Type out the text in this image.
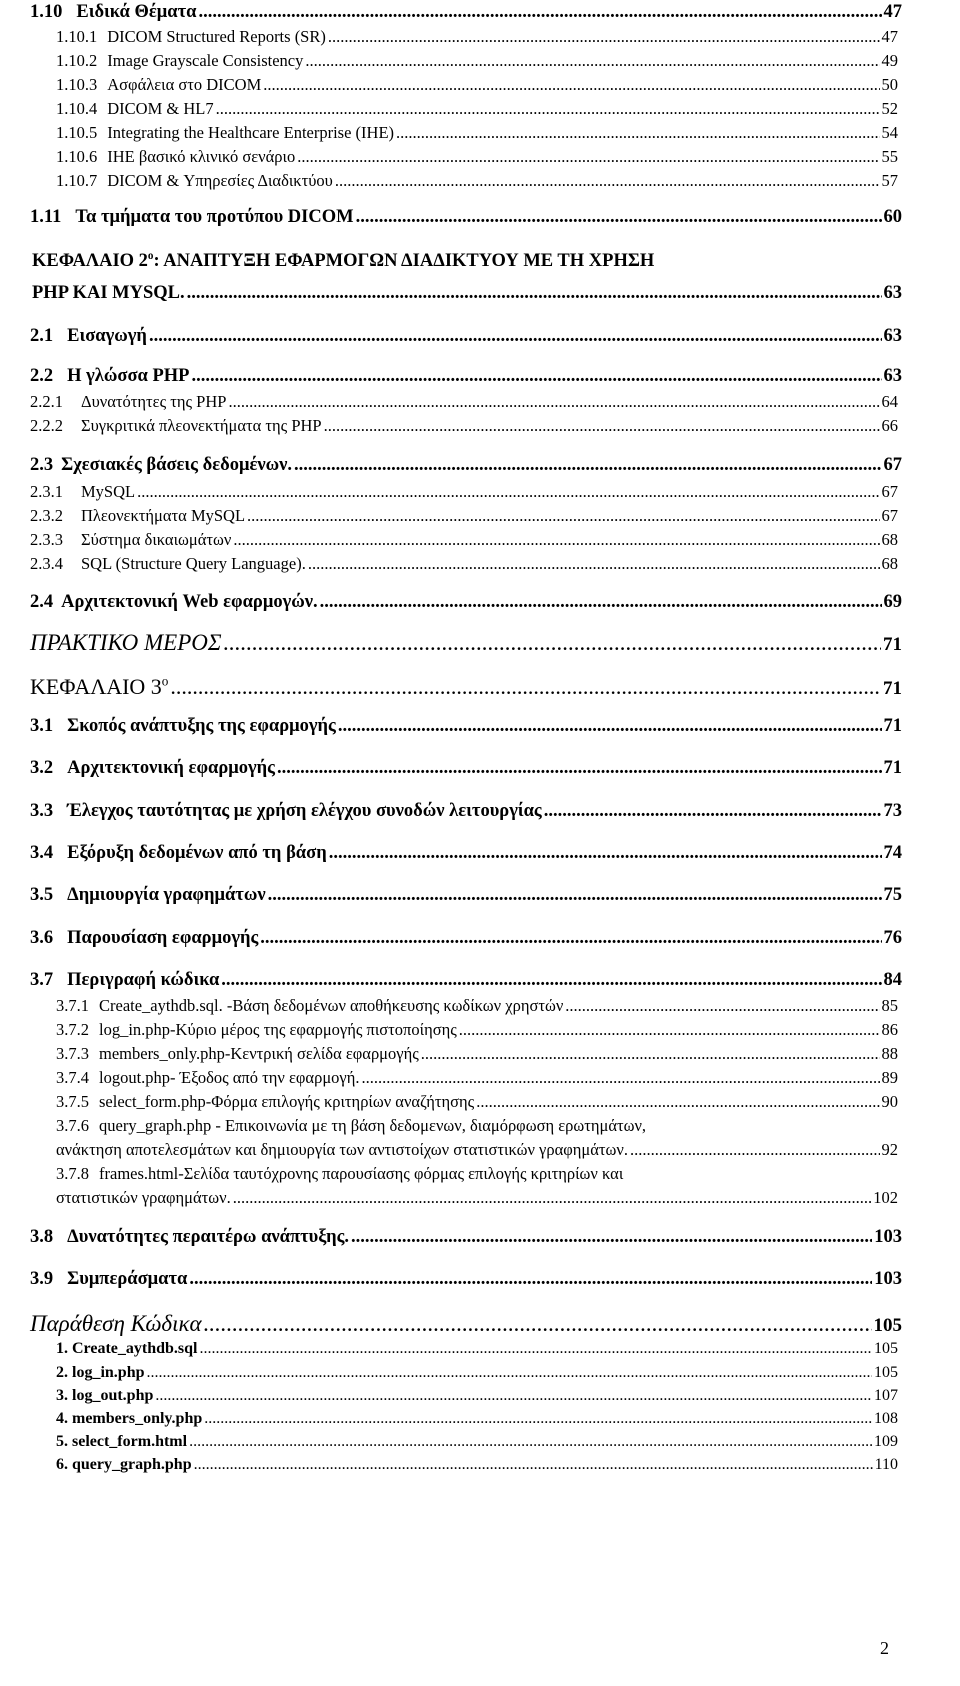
1.10 Ειδικά Θέματα .....	47
1.10.1 DICOM Structured Reports (SR) .....	47
1.10.2 Image Grayscale Consistency .....	49
1.10.3 Ασφάλεια στο DICOM .....	50
1.10.4 DICOM & HL7 .....	52
1.10.5 Integrating the Healthcare Enterprise (IHE) .....	54
1.10.6 IHE βασικό κλινικό σενάριο .....	55
1.10.7 DICOM & Υπηρεσίες Διαδικτύου .....	57
1.11 Τα τμήματα του προτύπου DICOM .....	60
ΚΕΦΑΛΑΙΟ $2^o$: ΑΝΑΠΤΥΞΗ ΕΦΑΡΜΟΓΩΝ ΔΙΑΔΙΚΤΥΟΥ ΜΕ ΤΗ ΧΡΗΣΗ
PHP KAI MYSQL. .....	63
2.1 Εισαγωγή .....	63
2.2 Η γλώσσα PHP .....	63
2.2.1 Δυνατότητες της PHP .....	64
2.2.2 Συγκριτικά πλεονεκτήματα της PHP .....	66
2.3 Σχεσιακές βάσεις δεδομένων. .....	67
2.3.1 MySQL .....	67
2.3.2 Πλεονεκτήματα MySQL .....	67
2.3.3 Σύστημα δικαιωμάτων .....	68
2.3.4 SQL (Structure Query Language). .....	68
2.4 Αρχιτεκτονική Web εφαρμογών. .....	69
ΠΡΑΚΤΙΚΟ ΜΕΡΟΣ .....	71
ΚΕΦΑΛΑΙΟ $3^o$ .....	71
3.1 Σκοπός ανάπτυξης της εφαρμογής .....	71
3.2 Αρχιτεκτονική εφαρμογής .....	71
3.3 Έλεγχος ταυτότητας με χρήση ελέγχου συνοδών λειτουργίας .....	73
3.4 Εξόρυξη δεδομένων από τη βάση .....	74
3.5 Δημιουργία γραφημάτων .....	75
3.6 Παρουσίαση εφαρμογής .....	76
3.7 Περιγραφή κώδικα .....	84
3.7.1 Create_aythdb.sql. -Βάση δεδομένων αποθήκευσης κωδίκων χρηστών .....	85
3.7.2 log_in.php-Κύριο μέρος της εφαρμογής πιστοποίησης .....	86
3.7.3 members_only.php-Κεντρική σελίδα εφαρμογής .....	88
3.7.4 logout.php- Έξοδος από την εφαρμογή. .....	89
3.7.5 select_form.php-Φόρμα επιλογής κριτηρίων αναζήτησης .....	90
3.7.6 query_graph.php - Επικοινωνία με τη βάση δεδομενων, διαμόρφωση ερωτημάτων,
ανάκτηση αποτελεσμάτων και δημιουργία των αντιστοίχων στατιστικών γραφημάτων. .....	92
3.7.8 frames.html-Σελίδα ταυτόχρονης παρουσίασης φόρμας επιλογής κριτηρίων και
στατιστικών γραφημάτων. .....	102
3.8 Δυνατότητες περαιτέρω ανάπτυξης. .....	103
3.9 Συμπεράσματα .....	103
Παράθεση Κώδικα .....	105
1. Create_aythdb.sql .....	105
2. log_in.php .....	105
3. log_out.php .....	107
4. members_only.php .....	108
5. select_form.html .....	109
6. query_graph.php .....	110
2
